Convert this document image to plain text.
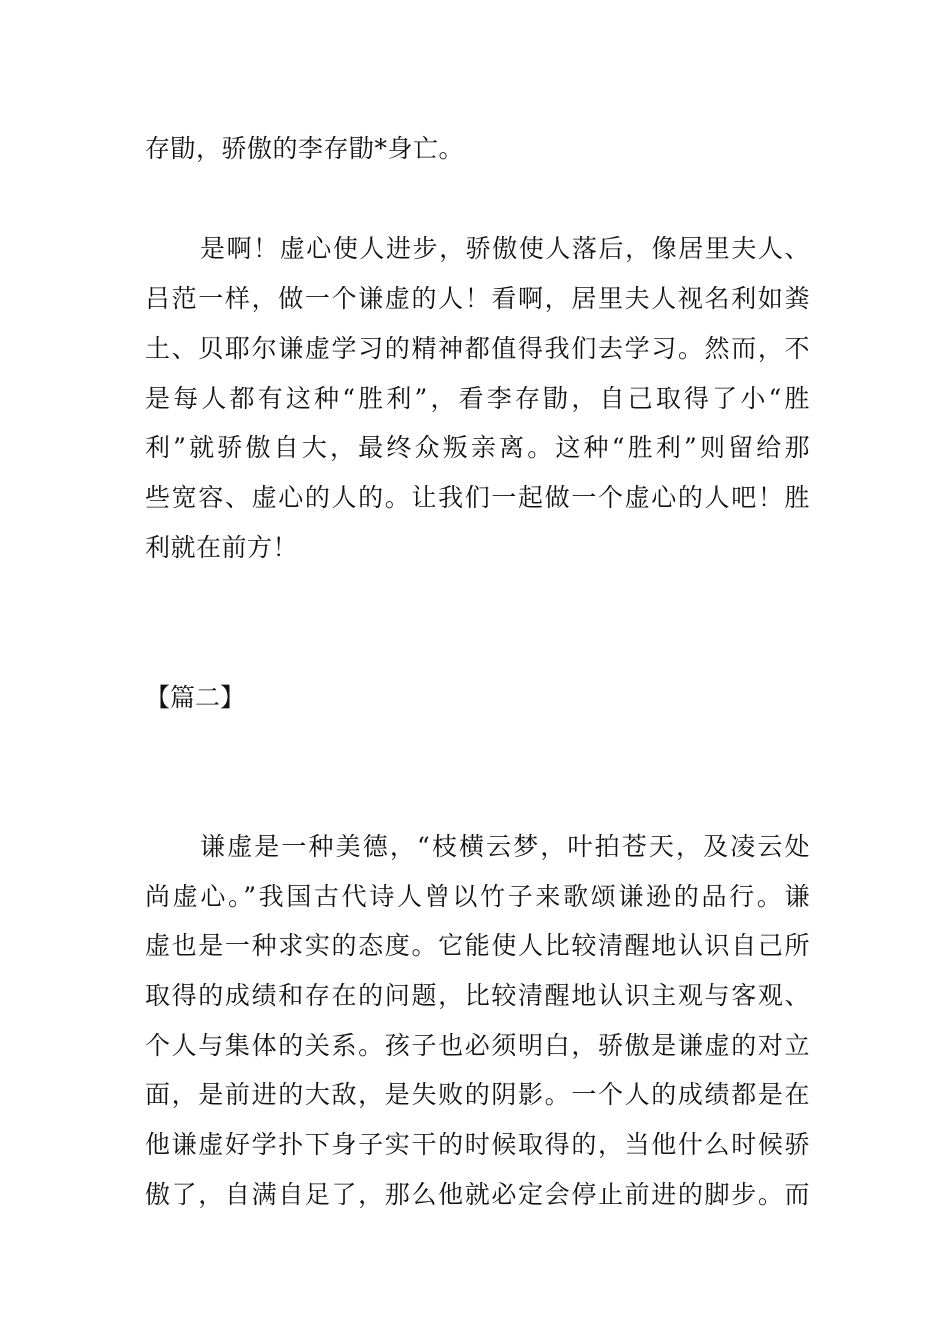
存勖，骄傲的李存勖*身亡。
是啊！虚心使人进步，骄傲使人落后，像居里夫人、
吕范一样，做一个谦虚的人！看啊，居里夫人视名利如粪
土、贝耶尔谦虚学习的精神都值得我们去学习。然而，不
是每人都有这种“胜利”，看李存勖，自己取得了小“胜
利”就骄傲自大，最终众叛亲离。这种“胜利”则留给那
些宽容、虚心的人的。让我们一起做一个虚心的人吧！胜
利就在前方！
【篇二】
谦虚是一种美德，“枝横云梦，叶拍苍天，及凌云处
尚虚心。”我国古代诗人曾以竹子来歌颂谦逊的品行。谦
虚也是一种求实的态度。它能使人比较清醒地认识自己所
取得的成绩和存在的问题，比较清醒地认识主观与客观、
个人与集体的关系。孩子也必须明白，骄傲是谦虚的对立
面，是前进的大敌，是失败的阴影。一个人的成绩都是在
他谦虚好学扑下身子实干的时候取得的，当他什么时候骄
傲了，自满自足了，那么他就必定会停止前进的脚步。而
